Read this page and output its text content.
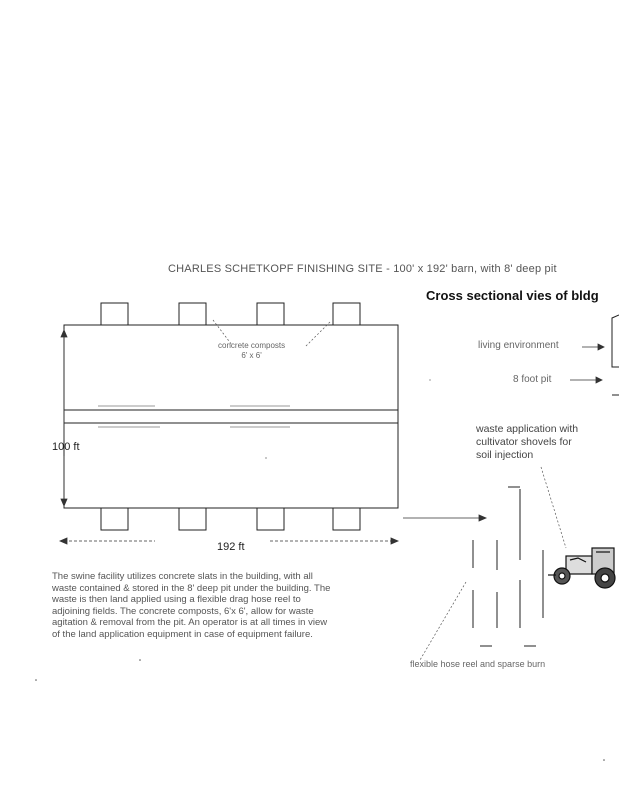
CHARLES SCHETKOPF FINISHING SITE - 100' x 192' barn, with 8' deep pit
Cross sectional vies of bldg
concrete composts
6' x 6'
living environment
8 foot pit
100 ft
192 ft
waste application with
cultivator shovels for
soil injection
flexible hose reel and sparse burn
The swine facility utilizes concrete slats in the building, with all
waste contained & stored in the 8' deep pit under the building. The
waste is then land applied using a flexible drag hose reel to
adjoining fields. The concrete composts, 6'x 6', allow for waste
agitation & removal from the pit. An operator is at all times in view
of the land application equipment in case of equipment failure.
